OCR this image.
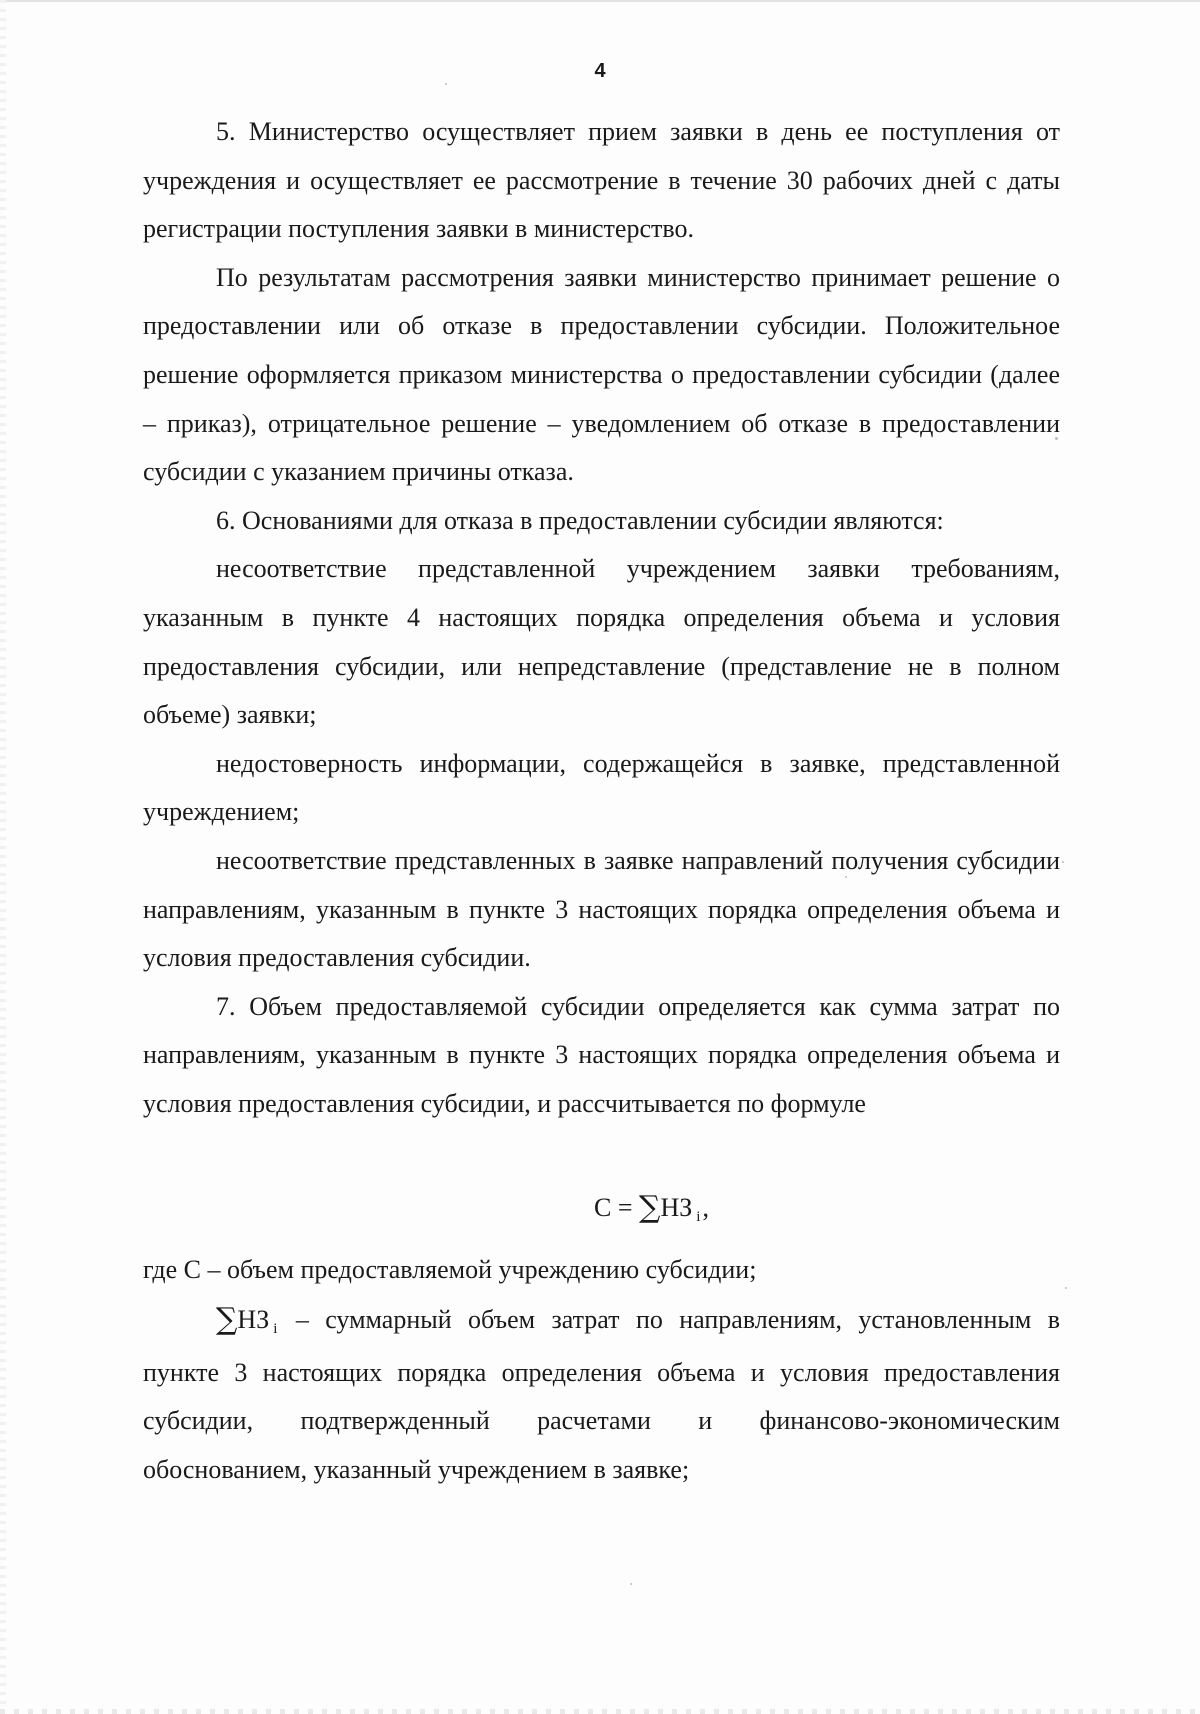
4

5. Министерство осуществляет прием заявки в день ее поступления от учреждения и осуществляет ее рассмотрение в течение 30 рабочих дней с даты регистрации поступления заявки в министерство.

По результатам рассмотрения заявки министерство принимает решение о предоставлении или об отказе в предоставлении субсидии. Положительное решение оформляется приказом министерства о предоставлении субсидии (далее – приказ), отрицательное решение – уведомлением об отказе в предоставлении субсидии с указанием причины отказа.

6. Основаниями для отказа в предоставлении субсидии являются:

несоответствие представленной учреждением заявки требованиям, указанным в пункте 4 настоящих порядка определения объема и условия предоставления субсидии, или непредставление (представление не в полном объеме) заявки;

недостоверность информации, содержащейся в заявке, представленной учреждением;

несоответствие представленных в заявке направлений получения субсидии направлениям, указанным в пункте 3 настоящих порядка определения объема и условия предоставления субсидии.

7. Объем предоставляемой субсидии определяется как сумма затрат по направлениям, указанным в пункте 3 настоящих порядка определения объема и условия предоставления субсидии, и рассчитывается по формуле

С = ∑НЗ i,

где С – объем предоставляемой учреждению субсидии;

∑НЗ i – суммарный объем затрат по направлениям, установленным в пункте 3 настоящих порядка определения объема и условия предоставления субсидии, подтвержденный расчетами и финансово-экономическим обоснованием, указанный учреждением в заявке;
